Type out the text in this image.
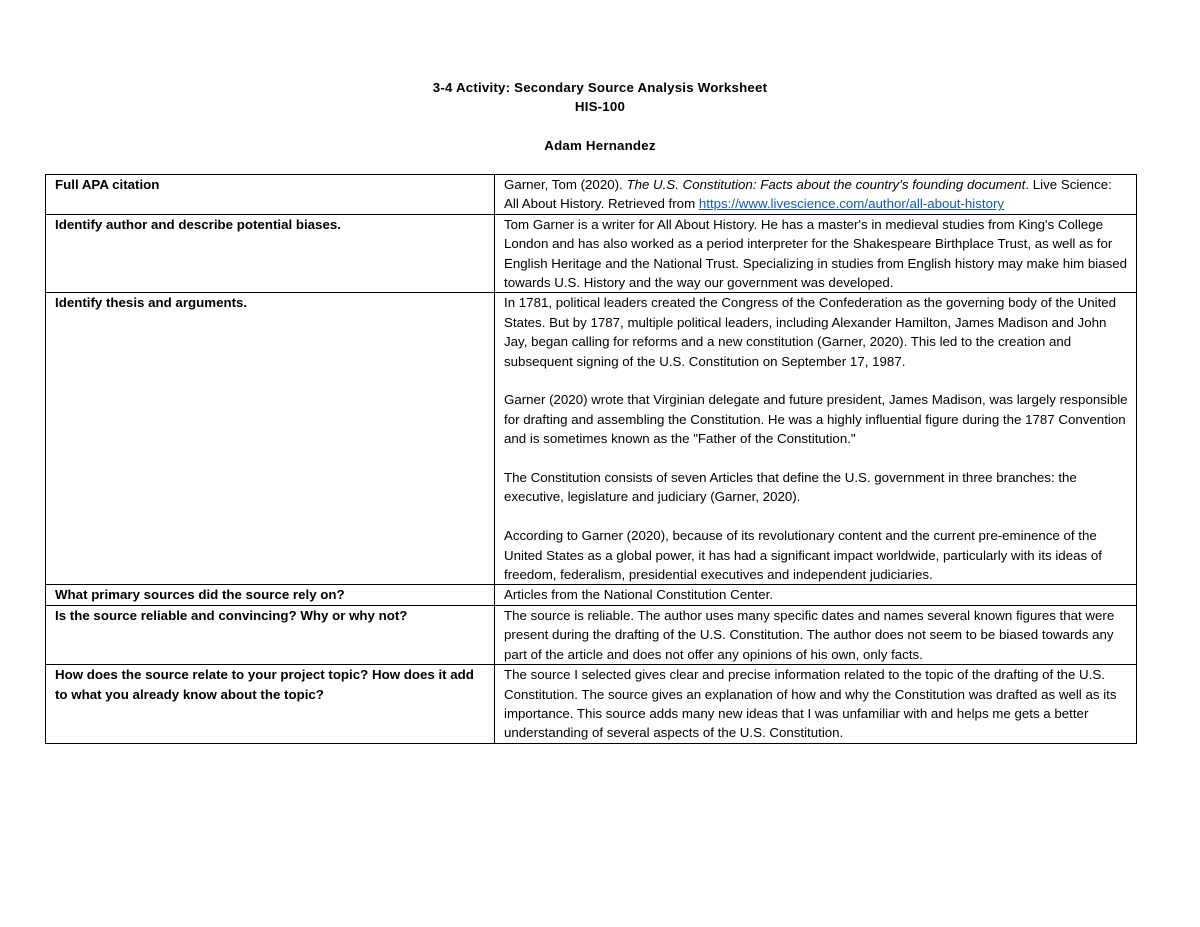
3-4 Activity: Secondary Source Analysis Worksheet
HIS-100
Adam Hernandez
Full APA citation	Garner, Tom (2020). The U.S. Constitution: Facts about the country’s founding document. Live Science: All About History. Retrieved from https://www.livescience.com/author/all-about-history
Identify author and describe potential biases.	Tom Garner is a writer for All About History. He has a master's in medieval studies from King's College London and has also worked as a period interpreter for the Shakespeare Birthplace Trust, as well as for English Heritage and the National Trust. Specializing in studies from English history may make him biased towards U.S. History and the way our government was developed.
Identify thesis and arguments.	In 1781, political leaders created the Congress of the Confederation as the governing body of the United States. But by 1787, multiple political leaders, including Alexander Hamilton, James Madison and John Jay, began calling for reforms and a new constitution (Garner, 2020). This led to the creation and subsequent signing of the U.S. Constitution on September 17, 1987.

Garner (2020) wrote that Virginian delegate and future president, James Madison, was largely responsible for drafting and assembling the Constitution. He was a highly influential figure during the 1787 Convention and is sometimes known as the "Father of the Constitution."

The Constitution consists of seven Articles that define the U.S. government in three branches: the executive, legislature and judiciary (Garner, 2020).

According to Garner (2020), because of its revolutionary content and the current pre-eminence of the United States as a global power, it has had a significant impact worldwide, particularly with its ideas of freedom, federalism, presidential executives and independent judiciaries.

What primary sources did the source rely on?	Articles from the National Constitution Center.
Is the source reliable and convincing? Why or why not?	The source is reliable. The author uses many specific dates and names several known figures that were present during the drafting of the U.S. Constitution. The author does not seem to be biased towards any part of the article and does not offer any opinions of his own, only facts.
How does the source relate to your project topic? How does it add to what you already know about the topic?	The source I selected gives clear and precise information related to the topic of the drafting of the U.S. Constitution. The source gives an explanation of how and why the Constitution was drafted as well as its importance. This source adds many new ideas that I was unfamiliar with and helps me gets a better understanding of several aspects of the U.S. Constitution.
